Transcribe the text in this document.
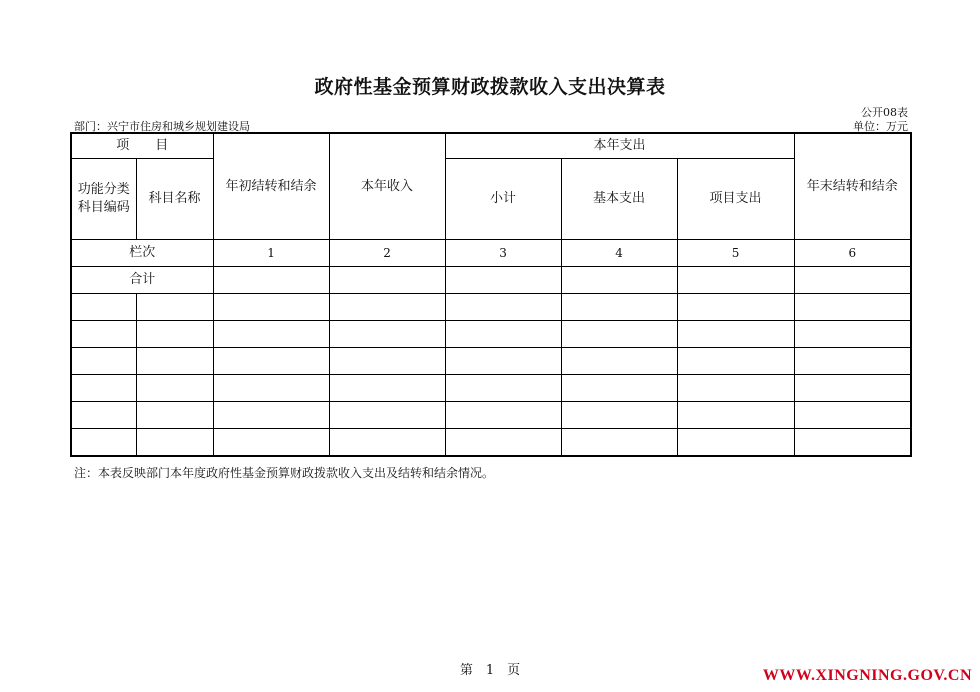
政府性基金预算财政拨款收入支出决算表
公开08表
部门：兴宁市住房和城乡规划建设局	单位：万元
项　　目		年初结转和结余	本年收入	本年支出			年末结转和结余
功能分类
科目编码	科目名称			小计	基本支出	项目支出	
栏次		1	2	3	4	5	6
合计							

注：本表反映部门本年度政府性基金预算财政拨款收入支出及结转和结余情况。
第　1　页	WWW.XINGNING.GOV.CN
